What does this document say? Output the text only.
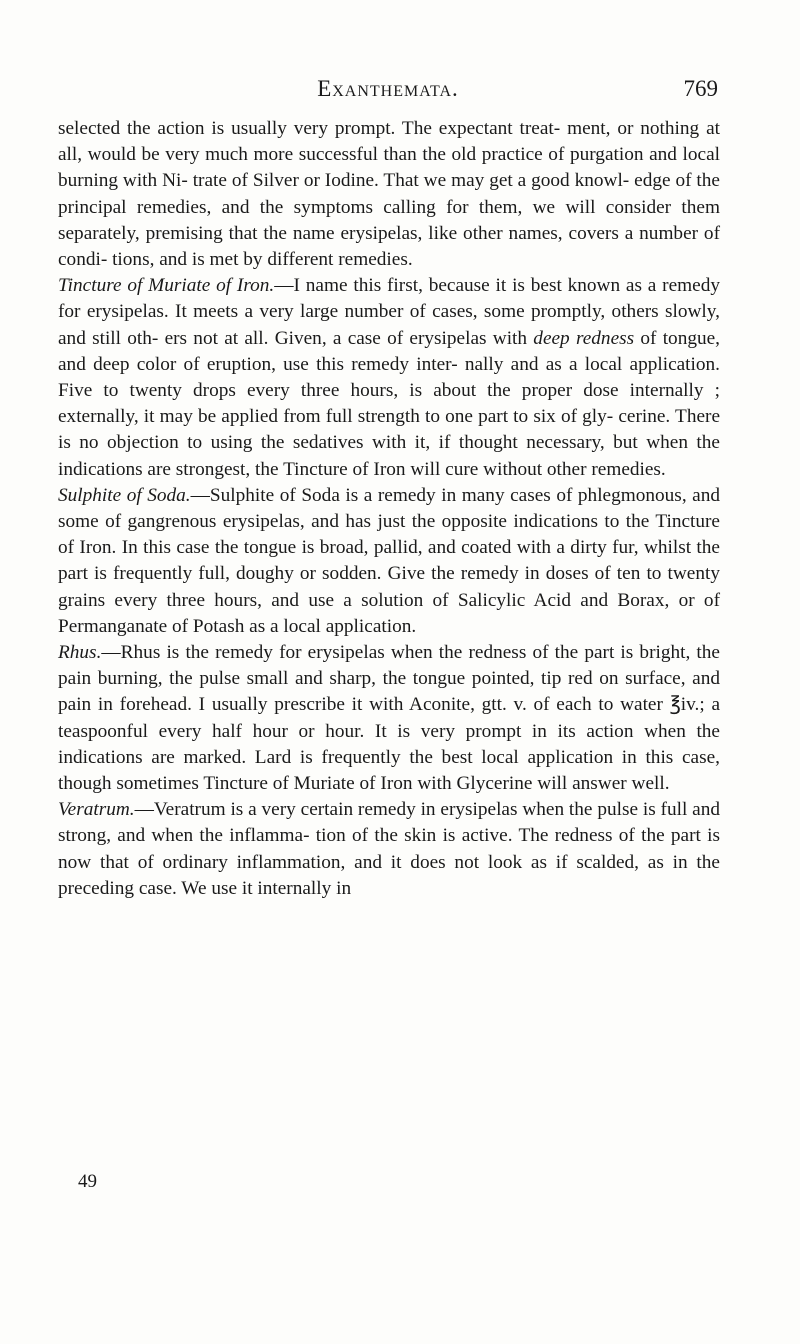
Exanthemata.	769

selected the action is usually very prompt. The expectant treat- ment, or nothing at all, would be very much more successful than the old practice of purgation and local burning with Ni- trate of Silver or Iodine. That we may get a good knowl- edge of the principal remedies, and the symptoms calling for them, we will consider them separately, premising that the name erysipelas, like other names, covers a number of condi- tions, and is met by different remedies.

Tincture of Muriate of Iron.—I name this first, because it is best known as a remedy for erysipelas. It meets a very large number of cases, some promptly, others slowly, and still oth- ers not at all. Given, a case of erysipelas with deep redness of tongue, and deep color of eruption, use this remedy inter- nally and as a local application. Five to twenty drops every three hours, is about the proper dose internally ; externally, it may be applied from full strength to one part to six of gly- cerine. There is no objection to using the sedatives with it, if thought necessary, but when the indications are strongest, the Tincture of Iron will cure without other remedies.

Sulphite of Soda.—Sulphite of Soda is a remedy in many cases of phlegmonous, and some of gangrenous erysipelas, and has just the opposite indications to the Tincture of Iron. In this case the tongue is broad, pallid, and coated with a dirty fur, whilst the part is frequently full, doughy or sodden. Give the remedy in doses of ten to twenty grains every three hours, and use a solution of Salicylic Acid and Borax, or of Permanganate of Potash as a local application.

Rhus.—Rhus is the remedy for erysipelas when the redness of the part is bright, the pain burning, the pulse small and sharp, the tongue pointed, tip red on surface, and pain in forehead. I usually prescribe it with Aconite, gtt. v. of each to water ℥iv.; a teaspoonful every half hour or hour. It is very prompt in its action when the indications are marked. Lard is frequently the best local application in this case, though sometimes Tincture of Muriate of Iron with Glycerine will answer well.

Veratrum.—Veratrum is a very certain remedy in erysipelas when the pulse is full and strong, and when the inflamma- tion of the skin is active. The redness of the part is now that of ordinary inflammation, and it does not look as if scalded, as in the preceding case. We use it internally in

49
